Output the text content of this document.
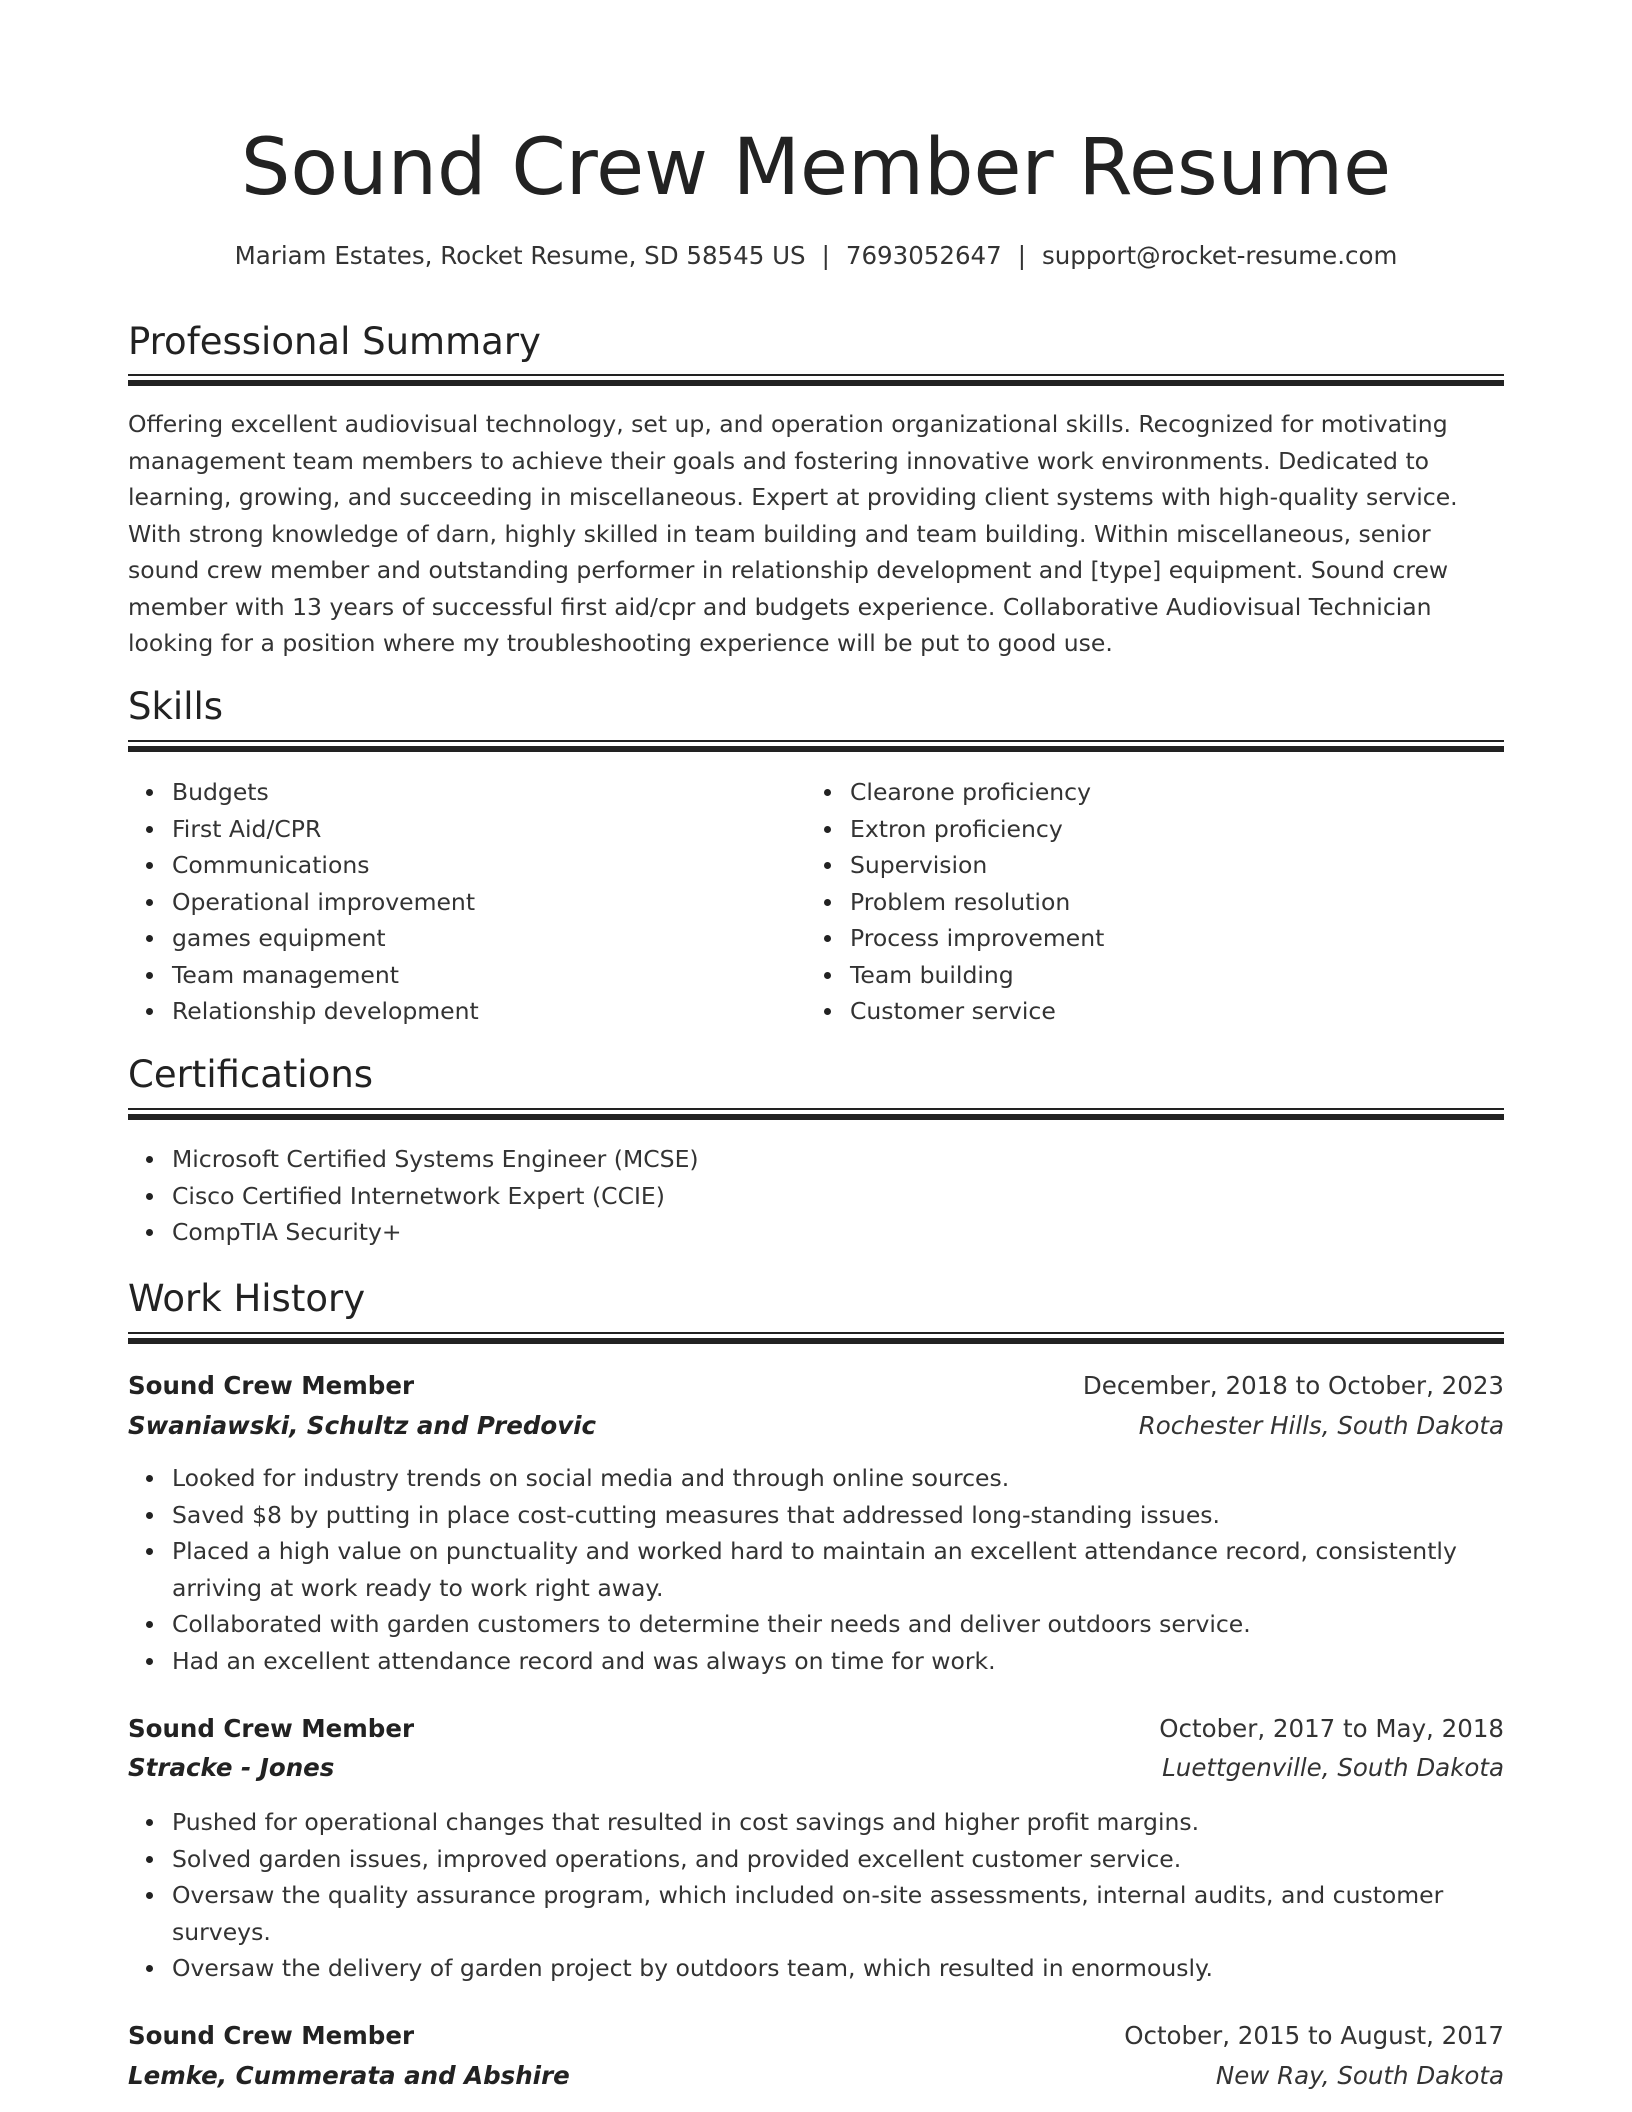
Sound Crew Member Resume
Mariam Estates, Rocket Resume, SD 58545 US | 7693052647 | support@rocket-resume.com
Professional Summary

Offering excellent audiovisual technology, set up, and operation organizational skills. Recognized for motivating management team members to achieve their goals and fostering innovative work environments. Dedicated to learning, growing, and succeeding in miscellaneous. Expert at providing client systems with high-quality service. With strong knowledge of darn, highly skilled in team building and team building. Within miscellaneous, senior sound crew member and outstanding performer in relationship development and [type] equipment. Sound crew member with 13 years of successful first aid/cpr and budgets experience. Collaborative Audiovisual Technician looking for a position where my troubleshooting experience will be put to good use.

Skills
Budgets
First Aid/CPR
Communications
Operational improvement
games equipment
Team management
Relationship development
Clearone proficiency
Extron proficiency
Supervision
Problem resolution
Process improvement
Team building
Customer service
Certifications
Microsoft Certified Systems Engineer (MCSE)
Cisco Certified Internetwork Expert (CCIE)
CompTIA Security+
Work History
Sound Crew Member	December, 2018 to October, 2023
Swaniawski, Schultz and Predovic	Rochester Hills, South Dakota
Looked for industry trends on social media and through online sources.
Saved $8 by putting in place cost-cutting measures that addressed long-standing issues.
Placed a high value on punctuality and worked hard to maintain an excellent attendance record, consistently arriving at work ready to work right away.
Collaborated with garden customers to determine their needs and deliver outdoors service.
Had an excellent attendance record and was always on time for work.
Sound Crew Member	October, 2017 to May, 2018
Stracke - Jones	Luettgenville, South Dakota
Pushed for operational changes that resulted in cost savings and higher profit margins.
Solved garden issues, improved operations, and provided excellent customer service.
Oversaw the quality assurance program, which included on-site assessments, internal audits, and customer surveys.
Oversaw the delivery of garden project by outdoors team, which resulted in enormously.
Sound Crew Member	October, 2015 to August, 2017
Lemke, Cummerata and Abshire	New Ray, South Dakota
